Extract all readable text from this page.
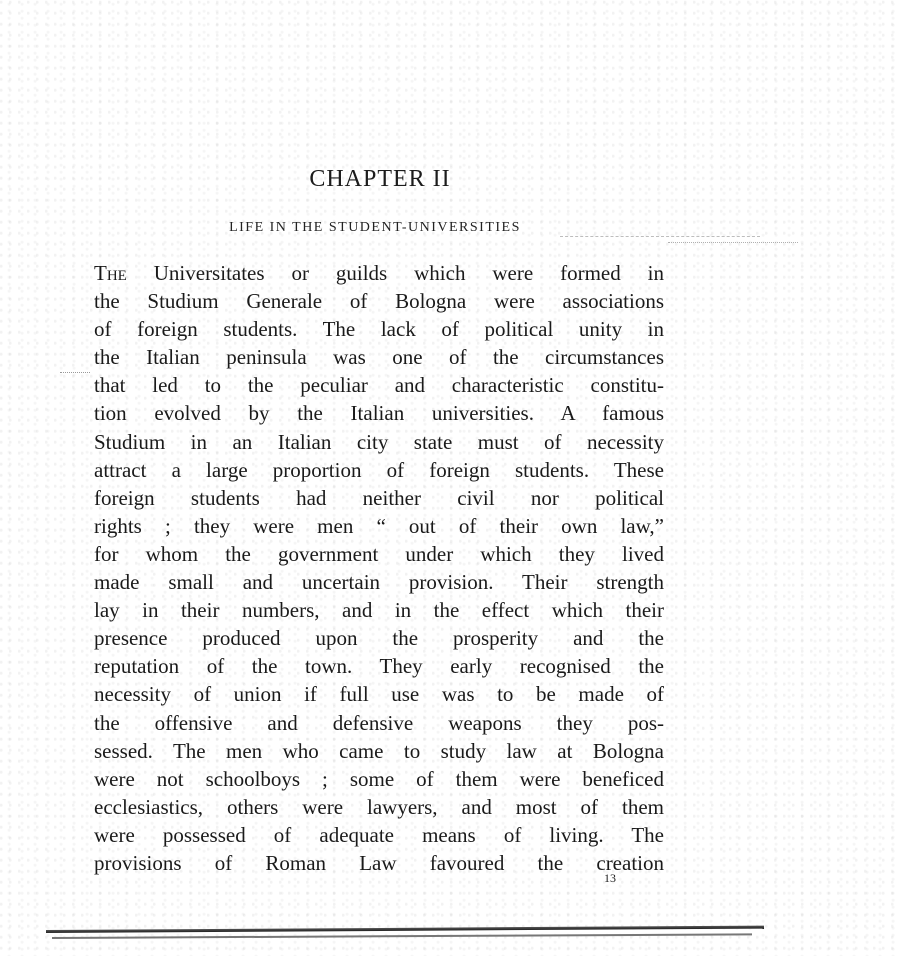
CHAPTER II
LIFE IN THE STUDENT-UNIVERSITIES
The Universitates or guilds which were formed in
the Studium Generale of Bologna were associations
of foreign students. The lack of political unity in
the Italian peninsula was one of the circumstances
that led to the peculiar and characteristic constitu-
tion evolved by the Italian universities. A famous
Studium in an Italian city state must of necessity
attract a large proportion of foreign students. These
foreign students had neither civil nor political
rights ; they were men “ out of their own law,”
for whom the government under which they lived
made small and uncertain provision. Their strength
lay in their numbers, and in the effect which their
presence produced upon the prosperity and the
reputation of the town. They early recognised the
necessity of union if full use was to be made of
the offensive and defensive weapons they pos-
sessed. The men who came to study law at Bologna
were not schoolboys ; some of them were beneficed
ecclesiastics, others were lawyers, and most of them
were possessed of adequate means of living. The
provisions of Roman Law favoured the creation

13
